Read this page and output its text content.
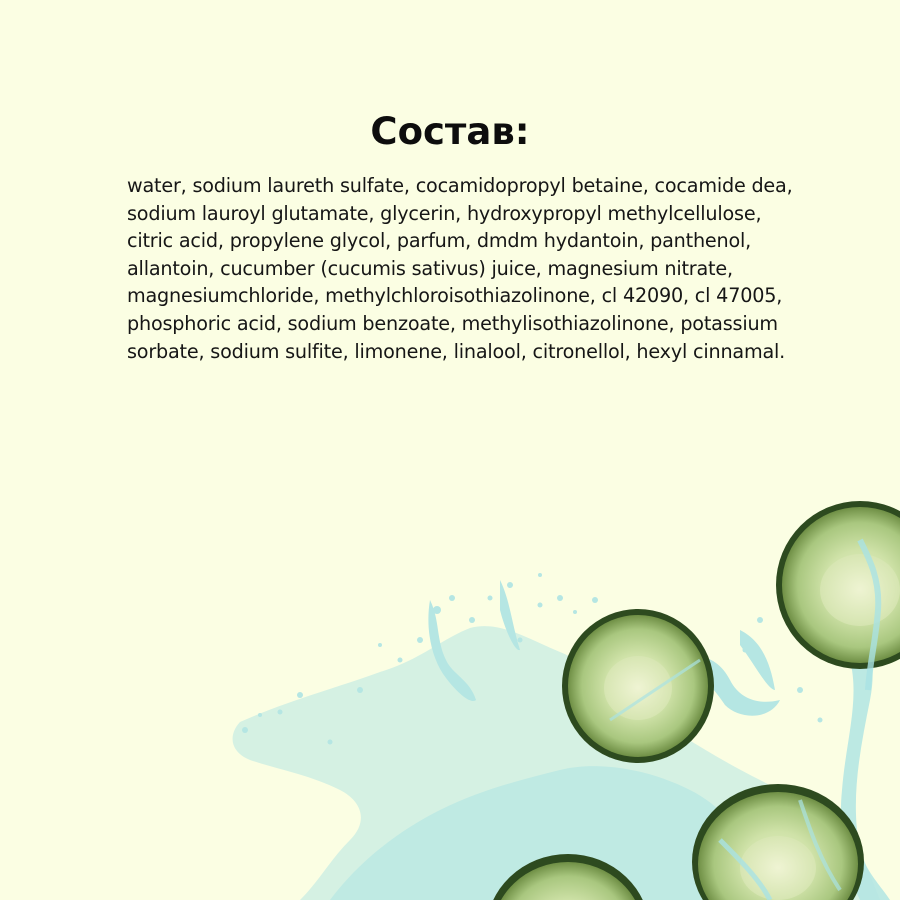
Состав:

water, sodium laureth sulfate, cocamidopropyl betaine, cocamide dea, sodium lauroyl glutamate, glycerin, hydroxypropyl methylcellulose, citric acid, propylene glycol, parfum, dmdm hydantoin, panthenol, allantoin, cucumber (cucumis sativus) juice, magnesium nitrate, magnesiumchloride, methylchloroisothiazolinone, cl 42090, cl 47005, phosphoric acid, sodium benzoate, methylisothiazolinone, potassium sorbate, sodium sulfite, limonene, linalool, citronellol, hexyl cinnamal.
